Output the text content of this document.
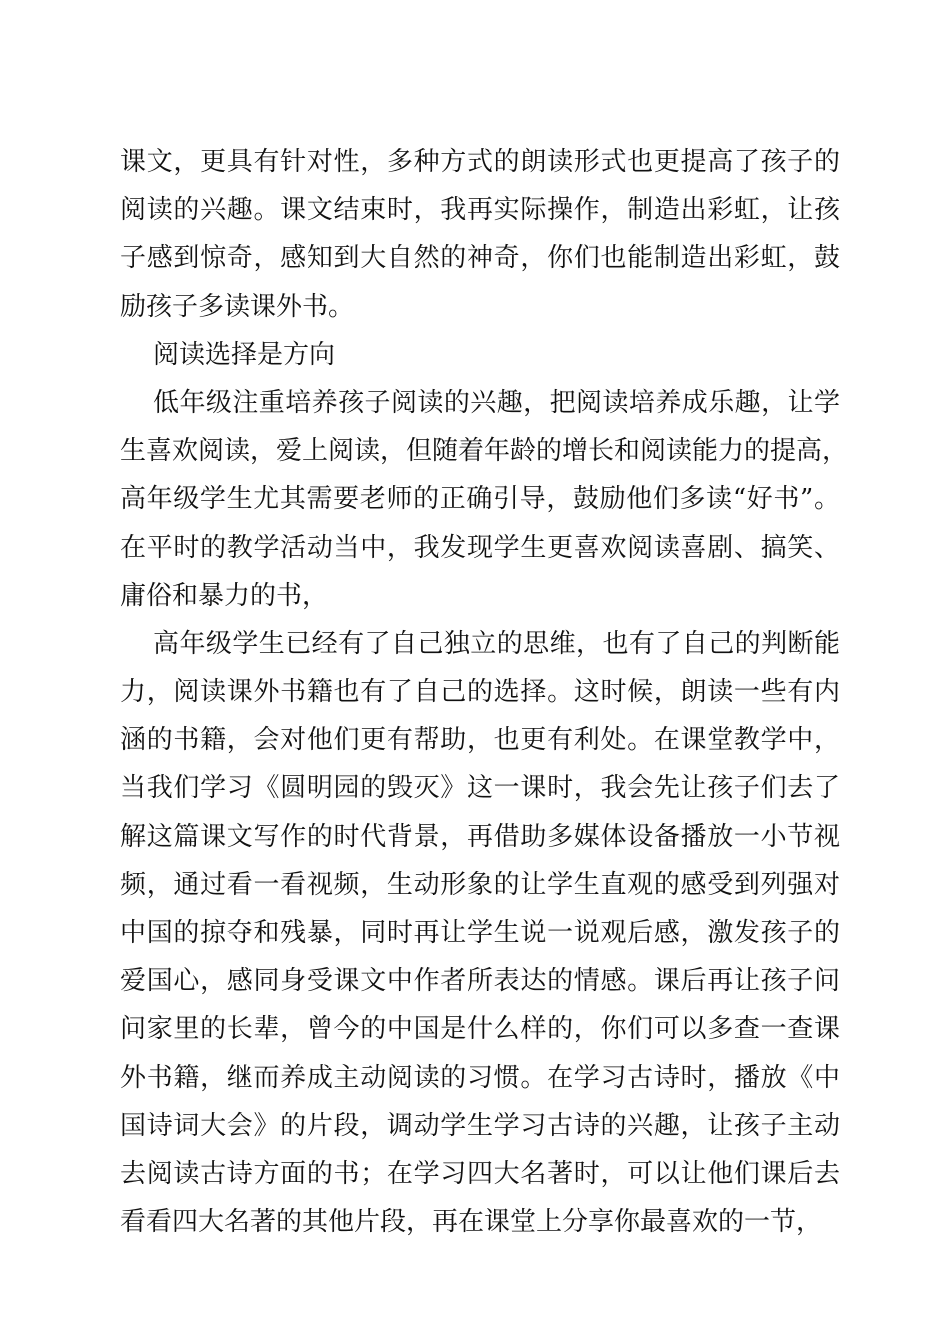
课文，更具有针对性，多种方式的朗读形式也更提高了孩子的
阅读的兴趣。课文结束时，我再实际操作，制造出彩虹，让孩
子感到惊奇，感知到大自然的神奇，你们也能制造出彩虹，鼓
励孩子多读课外书。
阅读选择是方向
低年级注重培养孩子阅读的兴趣，把阅读培养成乐趣，让学
生喜欢阅读，爱上阅读，但随着年龄的增长和阅读能力的提高，
高年级学生尤其需要老师的正确引导，鼓励他们多读“好书”。
在平时的教学活动当中，我发现学生更喜欢阅读喜剧、搞笑、
庸俗和暴力的书，
高年级学生已经有了自己独立的思维，也有了自己的判断能
力，阅读课外书籍也有了自己的选择。这时候，朗读一些有内
涵的书籍，会对他们更有帮助，也更有利处。在课堂教学中，
当我们学习《圆明园的毁灭》这一课时，我会先让孩子们去了
解这篇课文写作的时代背景，再借助多媒体设备播放一小节视
频，通过看一看视频，生动形象的让学生直观的感受到列强对
中国的掠夺和残暴，同时再让学生说一说观后感，激发孩子的
爱国心，感同身受课文中作者所表达的情感。课后再让孩子问
问家里的长辈，曾今的中国是什么样的，你们可以多查一查课
外书籍，继而养成主动阅读的习惯。在学习古诗时，播放《中
国诗词大会》的片段，调动学生学习古诗的兴趣，让孩子主动
去阅读古诗方面的书；在学习四大名著时，可以让他们课后去
看看四大名著的其他片段，再在课堂上分享你最喜欢的一节，
